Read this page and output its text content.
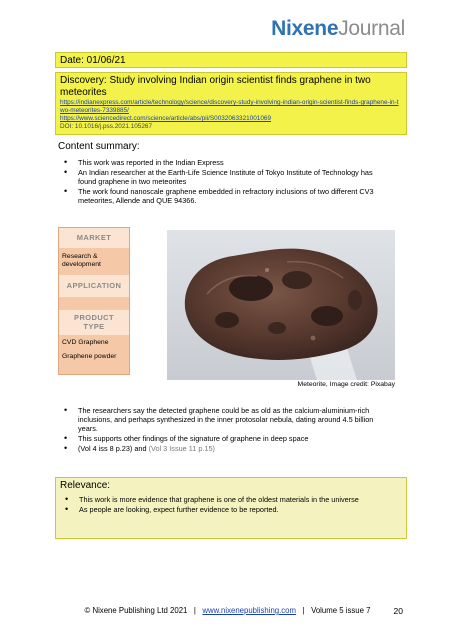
NixeneJournal
Date: 01/06/21
Discovery: Study involving Indian origin scientist finds graphene in two meteorites
https://indianexpress.com/article/technology/science/discovery-study-involving-indian-origin-scientist-finds-graphene-in-two-meteorites-7339885/
https://www.sciencedirect.com/science/article/abs/pii/S0032063321001069
DOI: 10.1016/j.pss.2021.105267
Content summary:
• This work was reported in the Indian Express
• An Indian researcher at the Earth-Life Science Institute of Tokyo Institute of Technology has found graphene in two meteorites
• The work found nanoscale graphene embedded in refractory inclusions of two different CV3 meteorites, Allende and QUE 94366.
MARKET
Research & development
APPLICATION
PRODUCT TYPE
CVD Graphene
Graphene powder
Meteorite, Image credit: Pixabay
• The researchers say the detected graphene could be as old as the calcium-aluminium-rich inclusions, and perhaps synthesized in the inner protosolar nebula, dating around 4.5 billion years.
• This supports other findings of the signature of graphene in deep space
• (Vol 4 iss 8 p.23) and (Vol 3 Issue 11 p.15)
Relevance:
• This work is more evidence that graphene is one of the oldest materials in the universe
• As people are looking, expect further evidence to be reported.
© Nixene Publishing Ltd 2021 | www.nixenepublishing.com | Volume 5 issue 7	20
